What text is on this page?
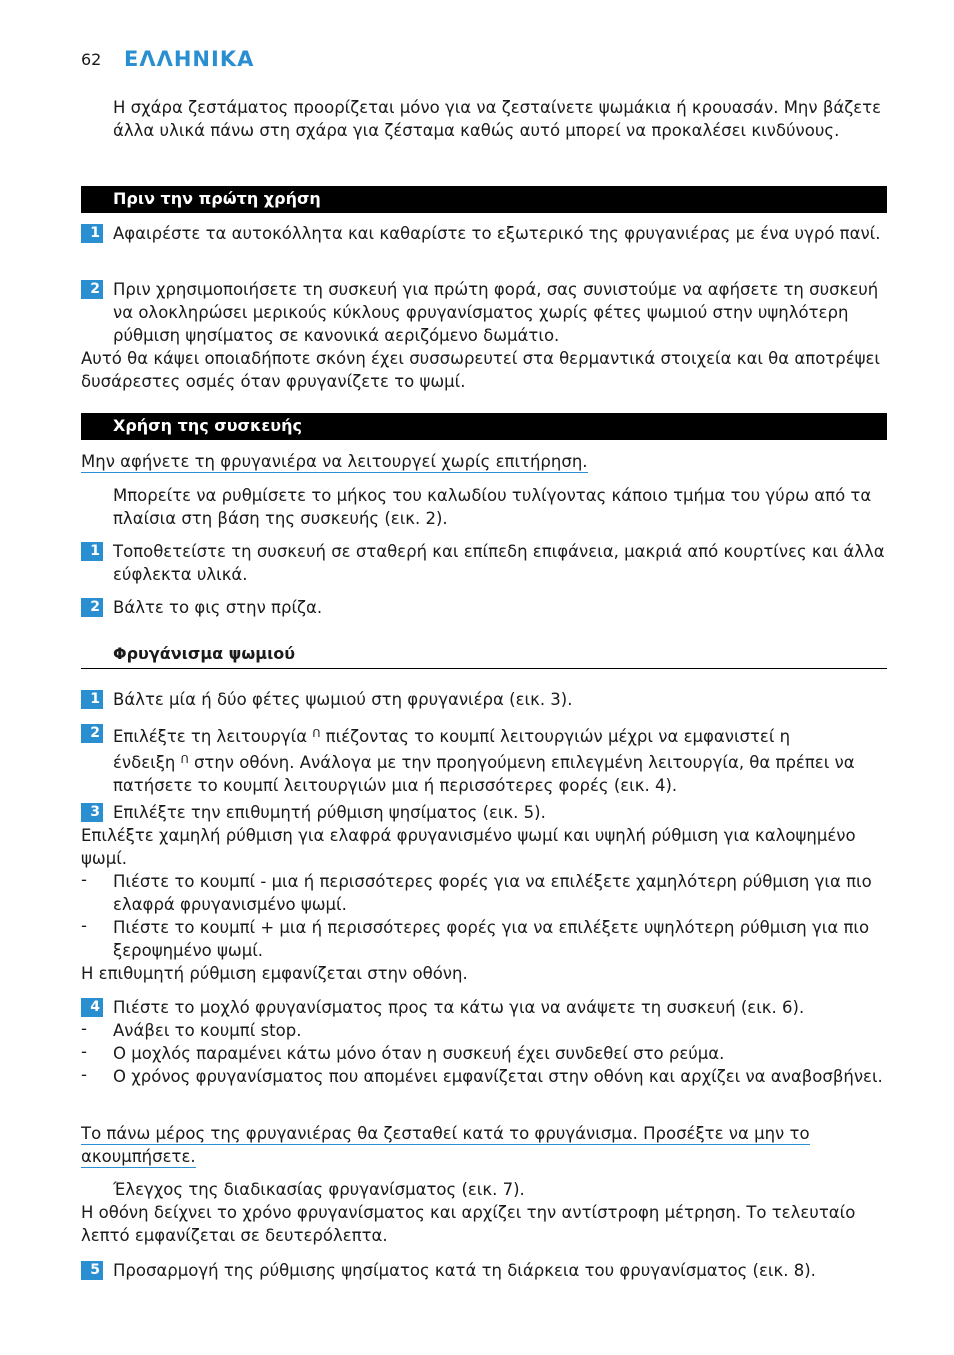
62 ΕΛΛΗΝΙΚΑ
Η σχάρα ζεστάματος προορίζεται μόνο για να ζεσταίνετε ψωμάκια ή κρουασάν. Μην βάζετε άλλα υλικά πάνω στη σχάρα για ζέσταμα καθώς αυτό μπορεί να προκαλέσει κινδύνους.
Πριν την πρώτη χρήση
1 Αφαιρέστε τα αυτοκόλλητα και καθαρίστε το εξωτερικό της φρυγανιέρας με ένα υγρό πανί.
2 Πριν χρησιμοποιήσετε τη συσκευή για πρώτη φορά, σας συνιστούμε να αφήσετε τη συσκευή να ολοκληρώσει μερικούς κύκλους φρυγανίσματος χωρίς φέτες ψωμιού στην υψηλότερη ρύθμιση ψησίματος σε κανονικά αεριζόμενο δωμάτιο.
Αυτό θα κάψει οποιαδήποτε σκόνη έχει συσσωρευτεί στα θερμαντικά στοιχεία και θα αποτρέψει δυσάρεστες οσμές όταν φρυγανίζετε το ψωμί.
Χρήση της συσκευής
Μην αφήνετε τη φρυγανιέρα να λειτουργεί χωρίς επιτήρηση.
Μπορείτε να ρυθμίσετε το μήκος του καλωδίου τυλίγοντας κάποιο τμήμα του γύρω από τα πλαίσια στη βάση της συσκευής (εικ. 2).
1 Τοποθετείστε τη συσκευή σε σταθερή και επίπεδη επιφάνεια, μακριά από κουρτίνες και άλλα εύφλεκτα υλικά.
2 Βάλτε το φις στην πρίζα.
Φρυγάνισμα ψωμιού
1 Βάλτε μία ή δύο φέτες ψωμιού στη φρυγανιέρα (εικ. 3).
2 Επιλέξτε τη λειτουργία $^ᑎ$ πιέζοντας το κουμπί λειτουργιών μέχρι να εμφανιστεί η
ένδειξη $^ᑎ$ στην οθόνη. Ανάλογα με την προηγούμενη επιλεγμένη λειτουργία, θα πρέπει να πατήσετε το κουμπί λειτουργιών μια ή περισσότερες φορές (εικ. 4).
3 Επιλέξτε την επιθυμητή ρύθμιση ψησίματος (εικ. 5).
Επιλέξτε χαμηλή ρύθμιση για ελαφρά φρυγανισμένο ψωμί και υψηλή ρύθμιση για καλοψημένο ψωμί.
- Πιέστε το κουμπί - μια ή περισσότερες φορές για να επιλέξετε χαμηλότερη ρύθμιση για πιο ελαφρά φρυγανισμένο ψωμί.
- Πιέστε το κουμπί + μια ή περισσότερες φορές για να επιλέξετε υψηλότερη ρύθμιση για πιο ξεροψημένο ψωμί.
Η επιθυμητή ρύθμιση εμφανίζεται στην οθόνη.
4 Πιέστε το μοχλό φρυγανίσματος προς τα κάτω για να ανάψετε τη συσκευή (εικ. 6).
- Ανάβει το κουμπί stop.
- Ο μοχλός παραμένει κάτω μόνο όταν η συσκευή έχει συνδεθεί στο ρεύμα.
- Ο χρόνος φρυγανίσματος που απομένει εμφανίζεται στην οθόνη και αρχίζει να αναβοσβήνει.
Το πάνω μέρος της φρυγανιέρας θα ζεσταθεί κατά το φρυγάνισμα. Προσέξτε να μην το ακουμπήσετε.
Έλεγχος της διαδικασίας φρυγανίσματος (εικ. 7).
Η οθόνη δείχνει το χρόνο φρυγανίσματος και αρχίζει την αντίστροφη μέτρηση. Το τελευταίο λεπτό εμφανίζεται σε δευτερόλεπτα.
5 Προσαρμογή της ρύθμισης ψησίματος κατά τη διάρκεια του φρυγανίσματος (εικ. 8).
